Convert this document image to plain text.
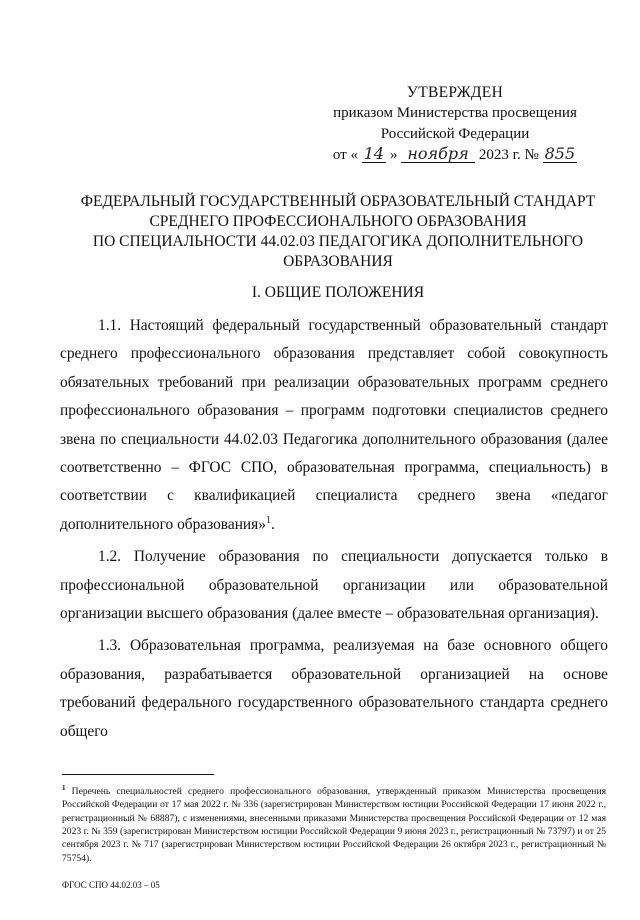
УТВЕРЖДЕН
приказом Министерства просвещения
Российской Федерации
от « 14 » ноября 2023 г. № 855
ФЕДЕРАЛЬНЫЙ ГОСУДАРСТВЕННЫЙ ОБРАЗОВАТЕЛЬНЫЙ СТАНДАРТ
СРЕДНЕГО ПРОФЕССИОНАЛЬНОГО ОБРАЗОВАНИЯ
ПО СПЕЦИАЛЬНОСТИ 44.02.03 ПЕДАГОГИКА ДОПОЛНИТЕЛЬНОГО
ОБРАЗОВАНИЯ
I. ОБЩИЕ ПОЛОЖЕНИЯ

1.1. Настоящий федеральный государственный образовательный стандарт среднего профессионального образования представляет собой совокупность обязательных требований при реализации образовательных программ среднего профессионального образования – программ подготовки специалистов среднего звена по специальности 44.02.03 Педагогика дополнительного образования (далее соответственно – ФГОС СПО, образовательная программа, специальность) в соответствии с квалификацией специалиста среднего звена «педагог дополнительного образования»$^1$.

1.2. Получение образования по специальности допускается только в профессиональной образовательной организации или образовательной организации высшего образования (далее вместе – образовательная организация).

1.3. Образовательная программа, реализуемая на базе основного общего образования, разрабатывается образовательной организацией на основе требований федерального государственного образовательного стандарта среднего общего

$^1$ Перечень специальностей среднего профессионального образования, утвержденный приказом Министерства просвещения Российской Федерации от 17 мая 2022 г. № 336 (зарегистрирован Министерством юстиции Российской Федерации 17 июня 2022 г., регистрационный № 68887), с изменениями, внесенными приказами Министерства просвещения Российской Федерации от 12 мая 2023 г. № 359 (зарегистрирован Министерством юстиции Российской Федерации 9 июня 2023 г., регистрационный № 73797) и от 25 сентября 2023 г. № 717 (зарегистрирован Министерством юстиции Российской Федерации 26 октября 2023 г., регистрационный № 75754).
ФГОС СПО 44.02.03 – 05
